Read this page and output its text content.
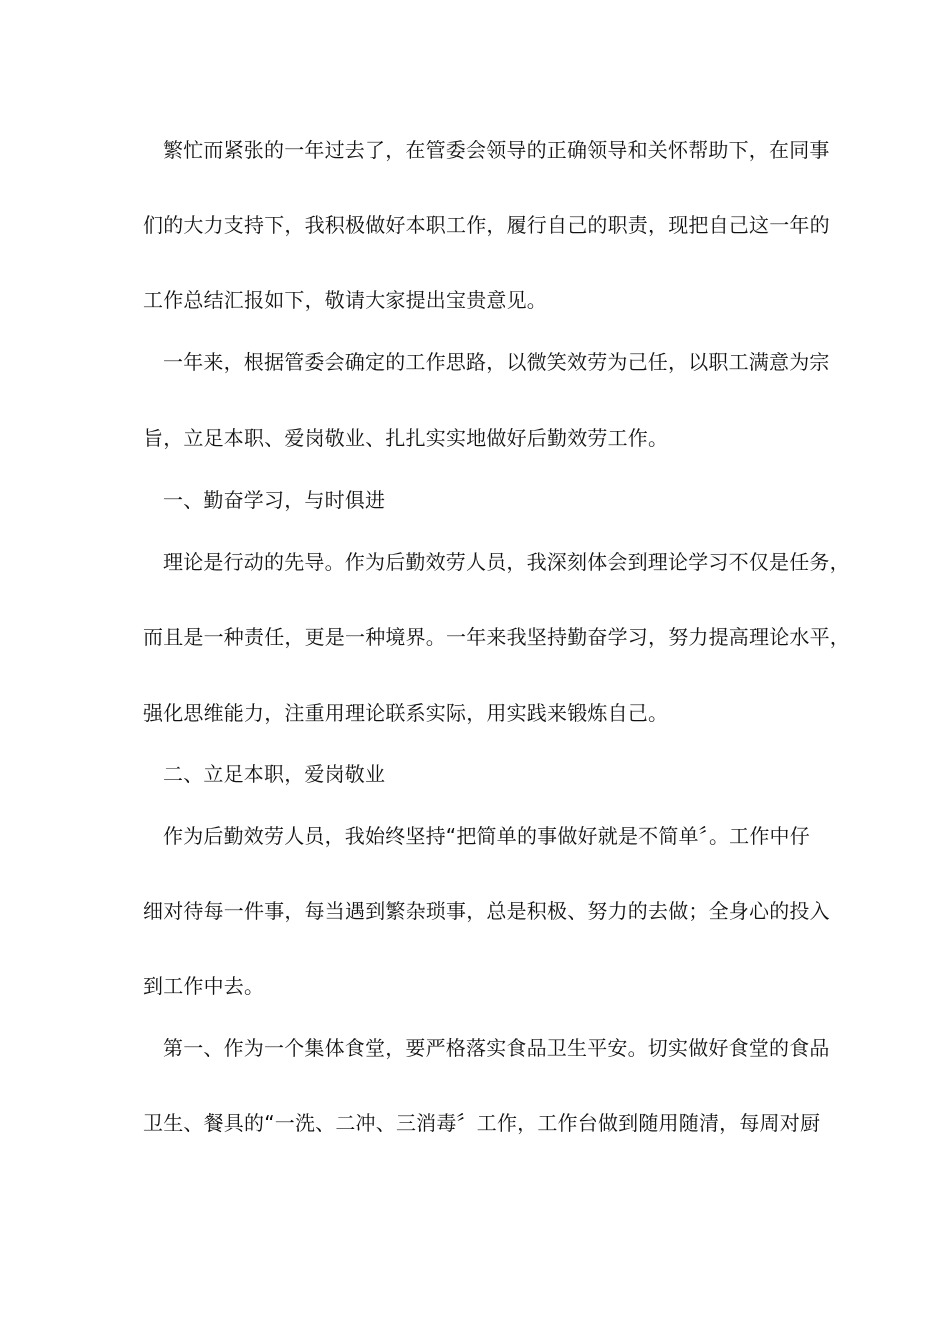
繁忙而紧张的一年过去了，在管委会领导的正确领导和关怀帮助下，在同事
们的大力支持下，我积极做好本职工作，履行自己的职责，现把自己这一年的
工作总结汇报如下，敬请大家提出宝贵意见。
一年来，根据管委会确定的工作思路，以微笑效劳为己任，以职工满意为宗
旨，立足本职、爱岗敬业、扎扎实实地做好后勤效劳工作。
一、勤奋学习，与时俱进
理论是行动的先导。作为后勤效劳人员，我深刻体会到理论学习不仅是任务，
而且是一种责任，更是一种境界。一年来我坚持勤奋学习，努力提高理论水平，
强化思维能力，注重用理论联系实际，用实践来锻炼自己。
二、立足本职，爱岗敬业
作为后勤效劳人员，我始终坚持“把简单的事做好就是不简单〞。工作中仔
细对待每一件事，每当遇到繁杂琐事，总是积极、努力的去做；全身心的投入
到工作中去。
第一、作为一个集体食堂，要严格落实食品卫生平安。切实做好食堂的食品
卫生、餐具的“一洗、二冲、三消毒〞工作，工作台做到随用随清，每周对厨
